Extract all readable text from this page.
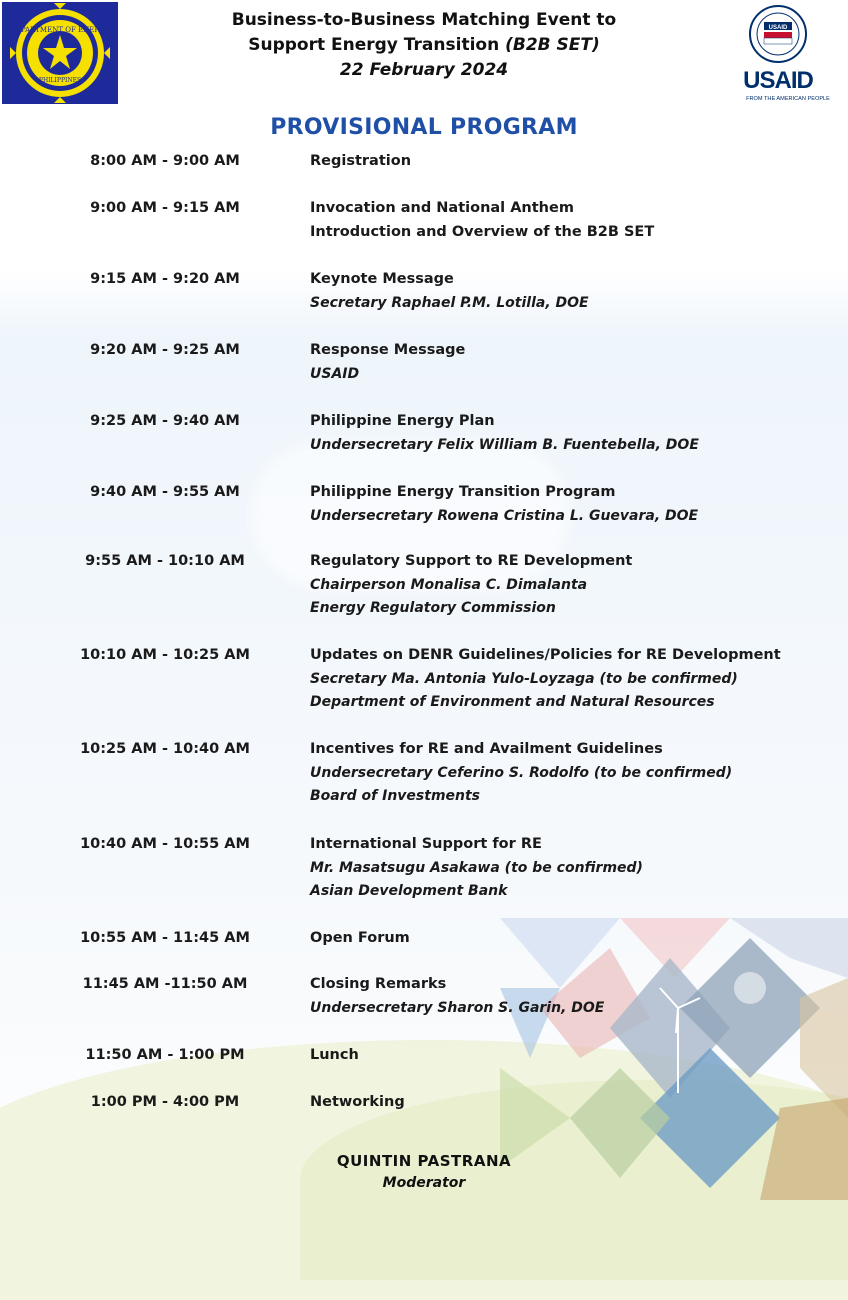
DEPARTMENT OF ENERGY
PHILIPPINES
Business-to-Business Matching Event to
Support Energy Transition (B2B SET)
22 February 2024
USAID
USAID
FROM THE AMERICAN PEOPLE
PROVISIONAL PROGRAM
8:00 AM - 9:00 AM	Registration
9:00 AM - 9:15 AM	Invocation and National Anthem
Introduction and Overview of the B2B SET
9:15 AM - 9:20 AM	Keynote Message
Secretary Raphael P.M. Lotilla, DOE
9:20 AM - 9:25 AM	Response Message
USAID
9:25 AM - 9:40 AM	Philippine Energy Plan
Undersecretary Felix William B. Fuentebella, DOE
9:40 AM - 9:55 AM	Philippine Energy Transition Program
Undersecretary Rowena Cristina L. Guevara, DOE
9:55 AM - 10:10 AM	Regulatory Support to RE Development
Chairperson Monalisa C. Dimalanta
Energy Regulatory Commission
10:10 AM - 10:25 AM	Updates on DENR Guidelines/Policies for RE Development
Secretary Ma. Antonia Yulo-Loyzaga (to be confirmed)
Department of Environment and Natural Resources
10:25 AM - 10:40 AM	Incentives for RE and Availment Guidelines
Undersecretary Ceferino S. Rodolfo (to be confirmed)
Board of Investments
10:40 AM - 10:55 AM	International Support for RE
Mr. Masatsugu Asakawa (to be confirmed)
Asian Development Bank
10:55 AM - 11:45 AM	Open Forum
11:45 AM -11:50 AM	Closing Remarks
Undersecretary Sharon S. Garin, DOE
11:50 AM - 1:00 PM	Lunch
1:00 PM - 4:00 PM	Networking
QUINTIN PASTRANA
Moderator
